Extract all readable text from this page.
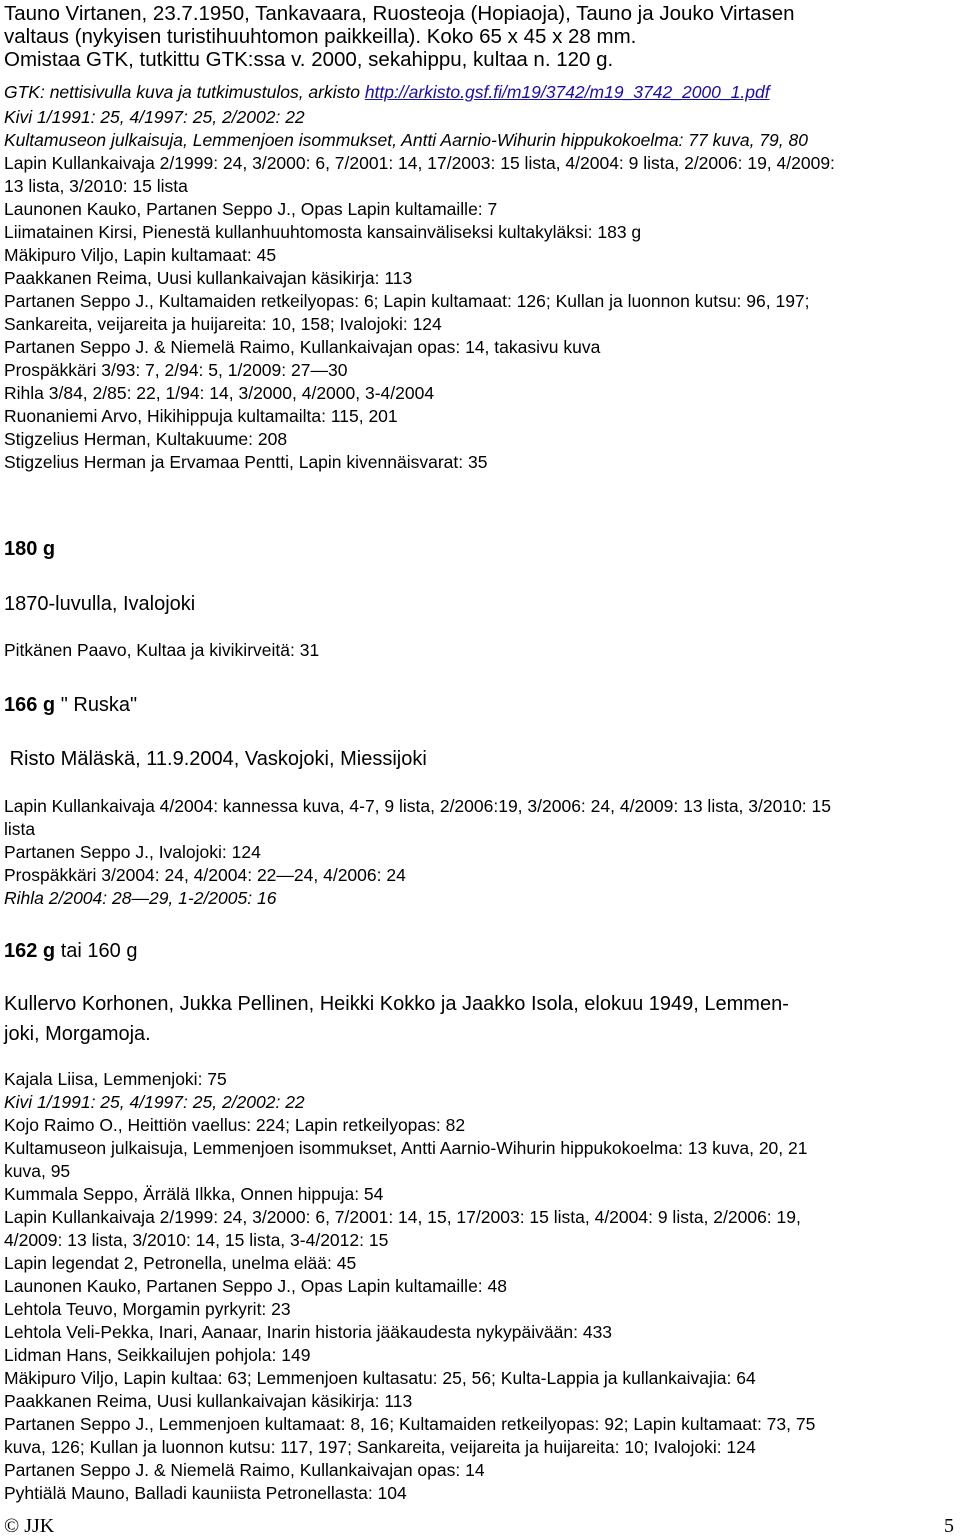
Tauno Virtanen, 23.7.1950, Tankavaara, Ruosteoja (Hopiaoja), Tauno ja Jouko Virtasen
valtaus (nykyisen turistihuuhtomon paikkeilla). Koko 65 x 45 x 28 mm.
Omistaa GTK, tutkittu GTK:ssa v. 2000, sekahippu, kultaa n. 120 g.
GTK: nettisivulla kuva ja tutkimustulos, arkisto http://arkisto.gsf.fi/m19/3742/m19_3742_2000_1.pdf
Kivi 1/1991: 25, 4/1997: 25, 2/2002: 22
Kultamuseon julkaisuja, Lemmenjoen isommukset, Antti Aarnio-Wihurin hippukokoelma: 77 kuva, 79, 80
Lapin Kullankaivaja 2/1999: 24, 3/2000: 6, 7/2001: 14, 17/2003: 15 lista, 4/2004: 9 lista, 2/2006: 19, 4/2009:
13 lista, 3/2010: 15 lista
Launonen Kauko, Partanen Seppo J., Opas Lapin kultamaille: 7
Liimatainen Kirsi, Pienestä kullanhuuhtomosta kansainväliseksi kultakyläksi: 183 g
Mäkipuro Viljo, Lapin kultamaat: 45
Paakkanen Reima, Uusi kullankaivajan käsikirja: 113
Partanen Seppo J., Kultamaiden retkeilyopas: 6; Lapin kultamaat: 126; Kullan ja luonnon kutsu: 96, 197;
Sankareita, veijareita ja huijareita: 10, 158; Ivalojoki: 124
Partanen Seppo J. & Niemelä Raimo, Kullankaivajan opas: 14, takasivu kuva
Prospäkkäri 3/93: 7, 2/94: 5, 1/2009: 27—30
Rihla 3/84, 2/85: 22, 1/94: 14, 3/2000, 4/2000, 3-4/2004
Ruonaniemi Arvo, Hikihippuja kultamailta: 115, 201
Stigzelius Herman, Kultakuume: 208
Stigzelius Herman ja Ervamaa Pentti, Lapin kivennäisvarat: 35
180 g
1870-luvulla, Ivalojoki
Pitkänen Paavo, Kultaa ja kivikirveitä: 31
166 g " Ruska"
Risto Mäläskä, 11.9.2004, Vaskojoki, Miessijoki
Lapin Kullankaivaja 4/2004: kannessa kuva, 4-7, 9 lista, 2/2006:19, 3/2006: 24, 4/2009: 13 lista, 3/2010: 15
lista
Partanen Seppo J., Ivalojoki: 124
Prospäkkäri 3/2004: 24, 4/2004: 22—24, 4/2006: 24
Rihla 2/2004: 28—29, 1-2/2005: 16
162 g tai 160 g
Kullervo Korhonen, Jukka Pellinen, Heikki Kokko ja Jaakko Isola, elokuu 1949, Lemmen-
joki, Morgamoja.
Kajala Liisa, Lemmenjoki: 75
Kivi 1/1991: 25, 4/1997: 25, 2/2002: 22
Kojo Raimo O., Heittiön vaellus: 224; Lapin retkeilyopas: 82
Kultamuseon julkaisuja, Lemmenjoen isommukset, Antti Aarnio-Wihurin hippukokoelma: 13 kuva, 20, 21
kuva, 95
Kummala Seppo, Ärrälä Ilkka, Onnen hippuja: 54
Lapin Kullankaivaja 2/1999: 24, 3/2000: 6, 7/2001: 14, 15, 17/2003: 15 lista, 4/2004: 9 lista, 2/2006: 19,
4/2009: 13 lista, 3/2010: 14, 15 lista, 3-4/2012: 15
Lapin legendat 2, Petronella, unelma elää: 45
Launonen Kauko, Partanen Seppo J., Opas Lapin kultamaille: 48
Lehtola Teuvo, Morgamin pyrkyrit: 23
Lehtola Veli-Pekka, Inari, Aanaar, Inarin historia jääkaudesta nykypäivään: 433
Lidman Hans, Seikkailujen pohjola: 149
Mäkipuro Viljo, Lapin kultaa: 63; Lemmenjoen kultasatu: 25, 56; Kulta-Lappia ja kullankaivajia: 64
Paakkanen Reima, Uusi kullankaivajan käsikirja: 113
Partanen Seppo J., Lemmenjoen kultamaat: 8, 16; Kultamaiden retkeilyopas: 92; Lapin kultamaat: 73, 75
kuva, 126; Kullan ja luonnon kutsu: 117, 197; Sankareita, veijareita ja huijareita: 10; Ivalojoki: 124
Partanen Seppo J. & Niemelä Raimo, Kullankaivajan opas: 14
Pyhtiälä Mauno, Balladi kauniista Petronellasta: 104
© JJK	5
